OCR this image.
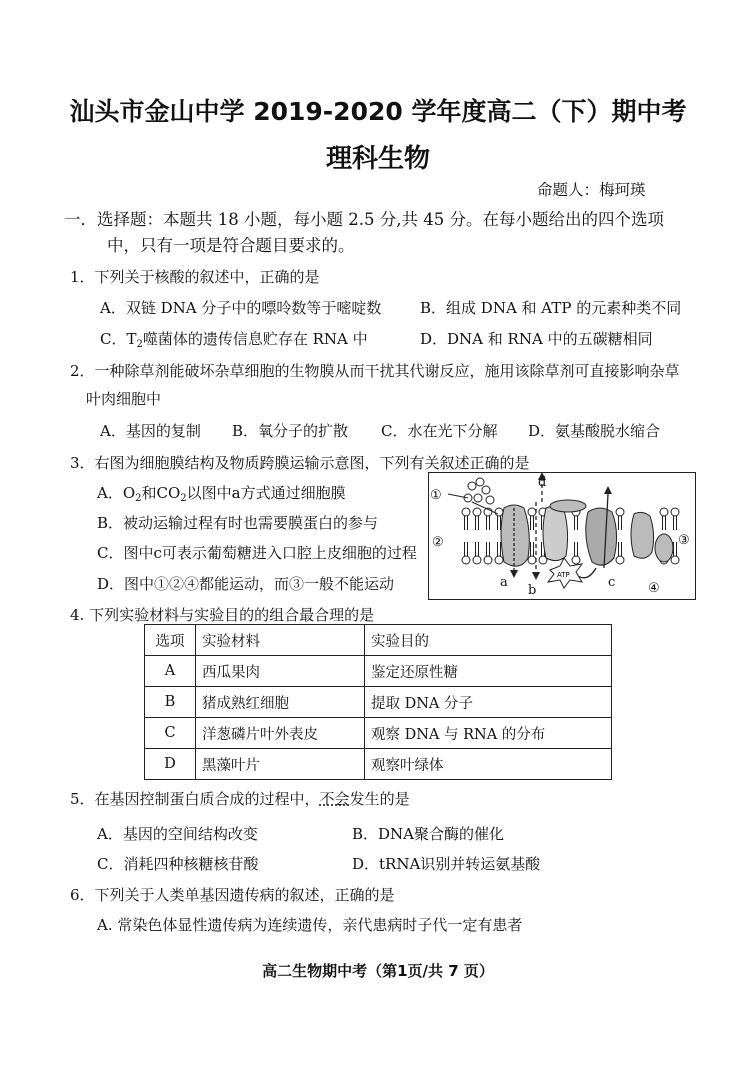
汕头市金山中学 2019-2020 学年度高二（下）期中考
理科生物
命题人：梅珂瑛
一．选择题：本题共 18 小题，每小题 2.5 分,共 45 分。在每小题给出的四个选项
中，只有一项是符合题目要求的。
1．下列关于核酸的叙述中，正确的是
A．双链 DNA 分子中的嘌呤数等于嘧啶数	B．组成 DNA 和 ATP 的元素种类不同
C．$T_2$噬菌体的遗传信息贮存在 RNA 中	D．DNA 和 RNA 中的五碳糖相同
2．一种除草剂能破坏杂草细胞的生物膜从而干扰其代谢反应，施用该除草剂可直接影响杂草
叶肉细胞中
A．基因的复制 B．氧分子的扩散 C．水在光下分解 D．氨基酸脱水缩合
3．右图为细胞膜结构及物质跨膜运输示意图，下列有关叙述正确的是
A．$O_2$和$CO_2$以图中a方式通过细胞膜
B．被动运输过程有时也需要膜蛋白的参与
C．图中c可表示葡萄糖进入口腔上皮细胞的过程
D．图中①②④都能运动，而③一般不能运动	ATP
①
②	③
④
a
b
c
d
4. 下列实验材料与实验目的的组合最合理的是
选项	实验材料	实验目的
A	西瓜果肉	鉴定还原性糖
B	猪成熟红细胞	提取 DNA 分子
C	洋葱磷片叶外表皮	观察 DNA 与 RNA 的分布
D	黑藻叶片	观察叶绿体
5．在基因控制蛋白质合成的过程中，不会发生的是
A．基因的空间结构改变	B．DNA聚合酶的催化
C．消耗四种核糖核苷酸	D．tRNA识别并转运氨基酸
6．下列关于人类单基因遗传病的叙述，正确的是
A. 常染色体显性遗传病为连续遗传，亲代患病时子代一定有患者
高二生物期中考（第1页/共 7 页）
